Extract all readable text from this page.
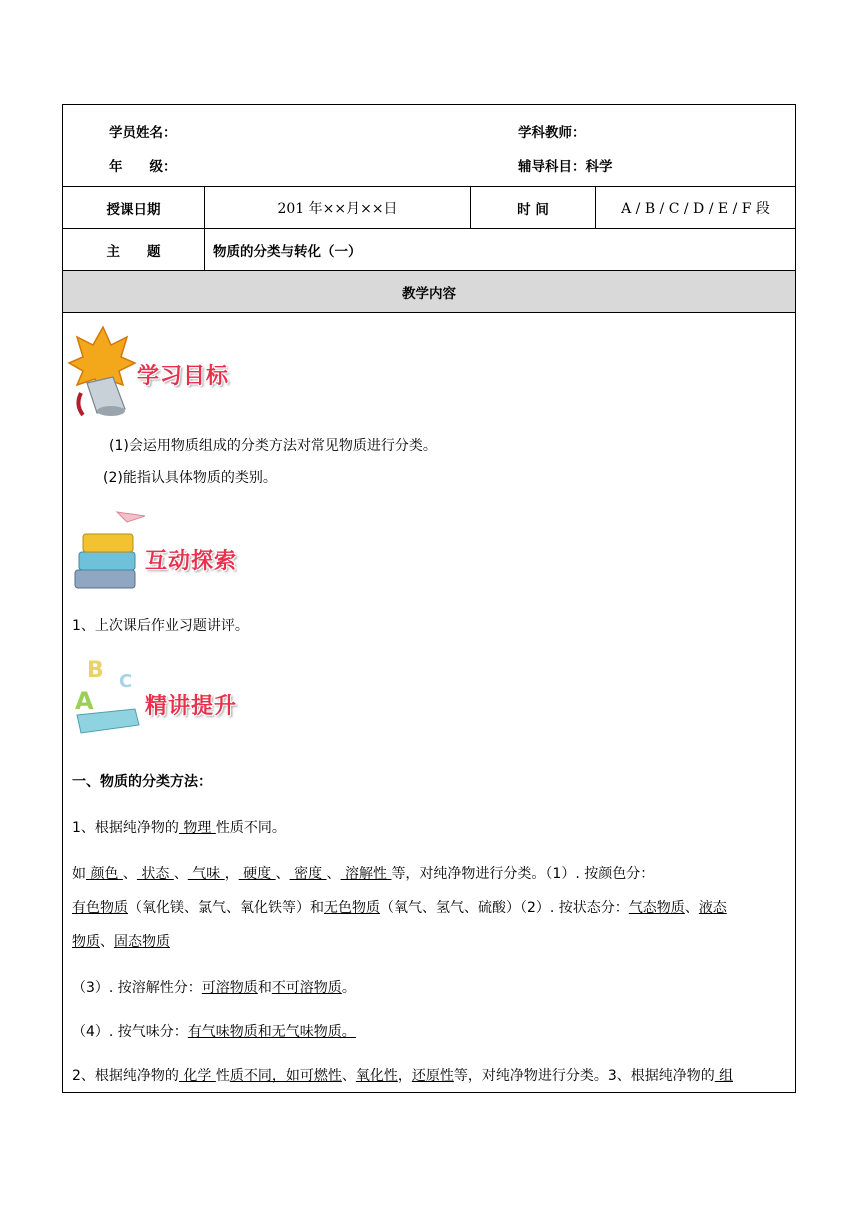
学员姓名：	学科教师：
年　　级：	辅导科目：科学
授课日期	201 年××月××日	时 间	A / B / C / D / E / F 段
主　　题	物质的分类与转化（一）
教学内容
学习目标
(1)会运用物质组成的分类方法对常见物质进行分类。
(2)能指认具体物质的类别。
互动探索
1、上次课后作业习题讲评。
B C
A 精讲提升
一、物质的分类方法：
1、根据纯净物的 物理 性质不同。
如 颜色 、 状态 、 气味 ， 硬度 、 密度 、 溶解性 等，对纯净物进行分类。（1）. 按颜色分：
有色物质（氧化镁、氯气、氧化铁等）和无色物质（氧气、氢气、硫酸）（2）. 按状态分：气态物质、液态
物质、固态物质
（3）. 按溶解性分：可溶物质和不可溶物质。
（4）. 按气味分：有气味物质和无气味物质。
2、根据纯净物的 化学 性质不同，如可燃性、氧化性，还原性等，对纯净物进行分类。3、根据纯净物的 组
